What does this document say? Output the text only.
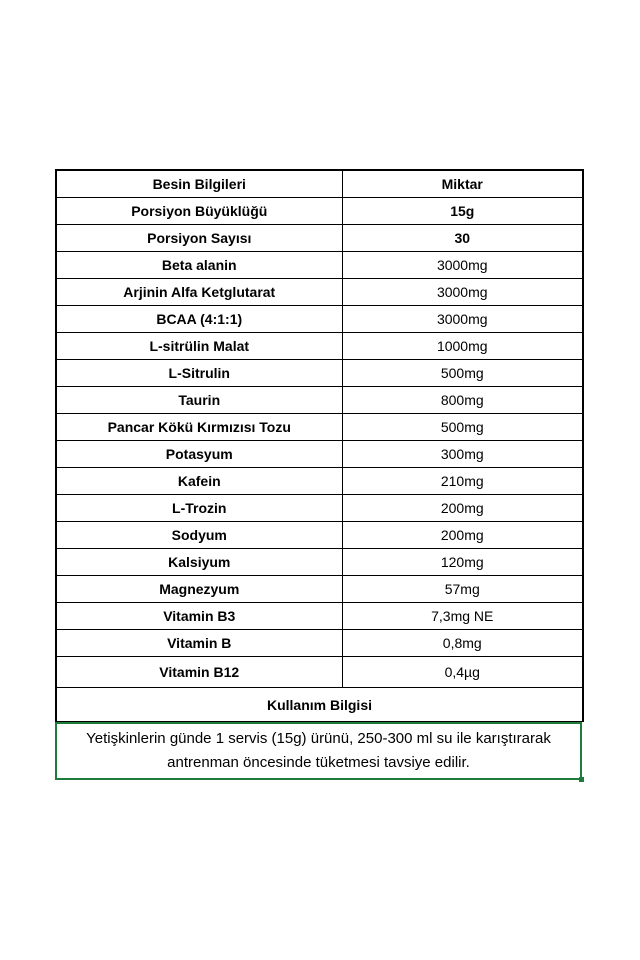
Besin Bilgileri	Miktar
Porsiyon Büyüklüğü	15g
Porsiyon Sayısı	30
Beta alanin	3000mg
Arjinin Alfa Ketglutarat	3000mg
BCAA (4:1:1)	3000mg
L-sitrülin Malat	1000mg
L-Sitrulin	500mg
Taurin	800mg
Pancar Kökü Kırmızısı Tozu	500mg
Potasyum	300mg
Kafein	210mg
L-Trozin	200mg
Sodyum	200mg
Kalsiyum	120mg
Magnezyum	57mg
Vitamin B3	7,3mg NE
Vitamin B	0,8mg
Vitamin B12	0,4µg
Kullanım Bilgisi	
Yetişkinlerin günde 1 servis (15g) ürünü, 250-300 ml su ile karıştırarak antrenman öncesinde tüketmesi tavsiye edilir.
